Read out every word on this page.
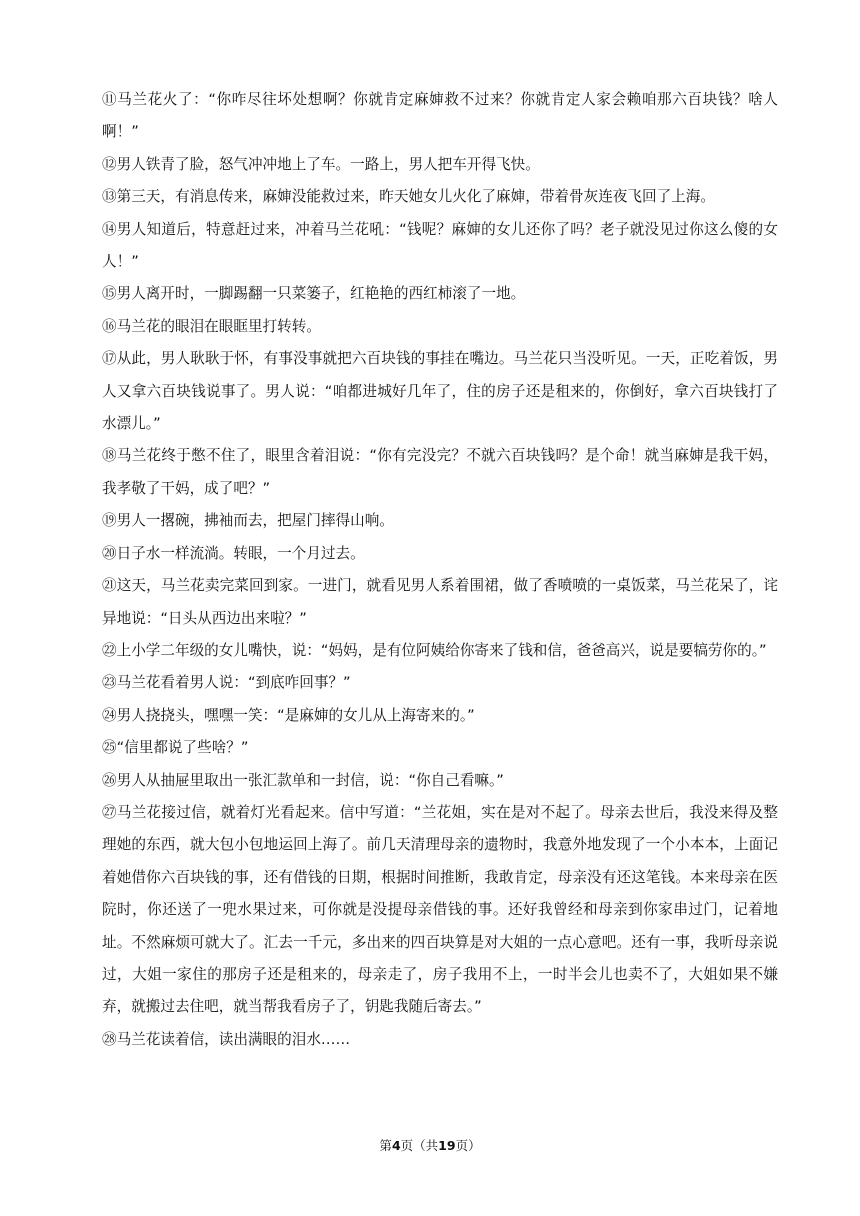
⑪马兰花火了：“你咋尽往坏处想啊？你就肯定麻婶救不过来？你就肯定人家会赖咱那六百块钱？啥人啊！”

⑫男人铁青了脸，怒气冲冲地上了车。一路上，男人把车开得飞快。

⑬第三天，有消息传来，麻婶没能救过来，昨天她女儿火化了麻婶，带着骨灰连夜飞回了上海。

⑭男人知道后，特意赶过来，冲着马兰花吼：“钱呢？麻婶的女儿还你了吗？老子就没见过你这么傻的女人！”

⑮男人离开时，一脚踢翻一只菜篓子，红艳艳的西红柿滚了一地。

⑯马兰花的眼泪在眼眶里打转转。

⑰从此，男人耿耿于怀，有事没事就把六百块钱的事挂在嘴边。马兰花只当没听见。一天，正吃着饭，男人又拿六百块钱说事了。男人说：“咱都进城好几年了，住的房子还是租来的，你倒好，拿六百块钱打了水漂儿。”

⑱马兰花终于憋不住了，眼里含着泪说：“你有完没完？不就六百块钱吗？是个命！就当麻婶是我干妈，我孝敬了干妈，成了吧？”

⑲男人一撂碗，拂袖而去，把屋门摔得山响。

⑳日子水一样流淌。转眼，一个月过去。

㉑这天，马兰花卖完菜回到家。一进门，就看见男人系着围裙，做了香喷喷的一桌饭菜，马兰花呆了，诧异地说：“日头从西边出来啦？”

㉒上小学二年级的女儿嘴快，说：“妈妈，是有位阿姨给你寄来了钱和信，爸爸高兴，说是要犒劳你的。”

㉓马兰花看着男人说：“到底咋回事？”

㉔男人挠挠头，嘿嘿一笑：“是麻婶的女儿从上海寄来的。”

㉕“信里都说了些啥？”

㉖男人从抽屉里取出一张汇款单和一封信，说：“你自己看嘛。”

㉗马兰花接过信，就着灯光看起来。信中写道：“兰花姐，实在是对不起了。母亲去世后，我没来得及整理她的东西，就大包小包地运回上海了。前几天清理母亲的遗物时，我意外地发现了一个小本本，上面记着她借你六百块钱的事，还有借钱的日期，根据时间推断，我敢肯定，母亲没有还这笔钱。本来母亲在医院时，你还送了一兜水果过来，可你就是没提母亲借钱的事。还好我曾经和母亲到你家串过门，记着地址。不然麻烦可就大了。汇去一千元，多出来的四百块算是对大姐的一点心意吧。还有一事，我听母亲说过，大姐一家住的那房子还是租来的，母亲走了，房子我用不上，一时半会儿也卖不了，大姐如果不嫌弃，就搬过去住吧，就当帮我看房子了，钥匙我随后寄去。”

㉘马兰花读着信，读出满眼的泪水……

第4页（共19页）
